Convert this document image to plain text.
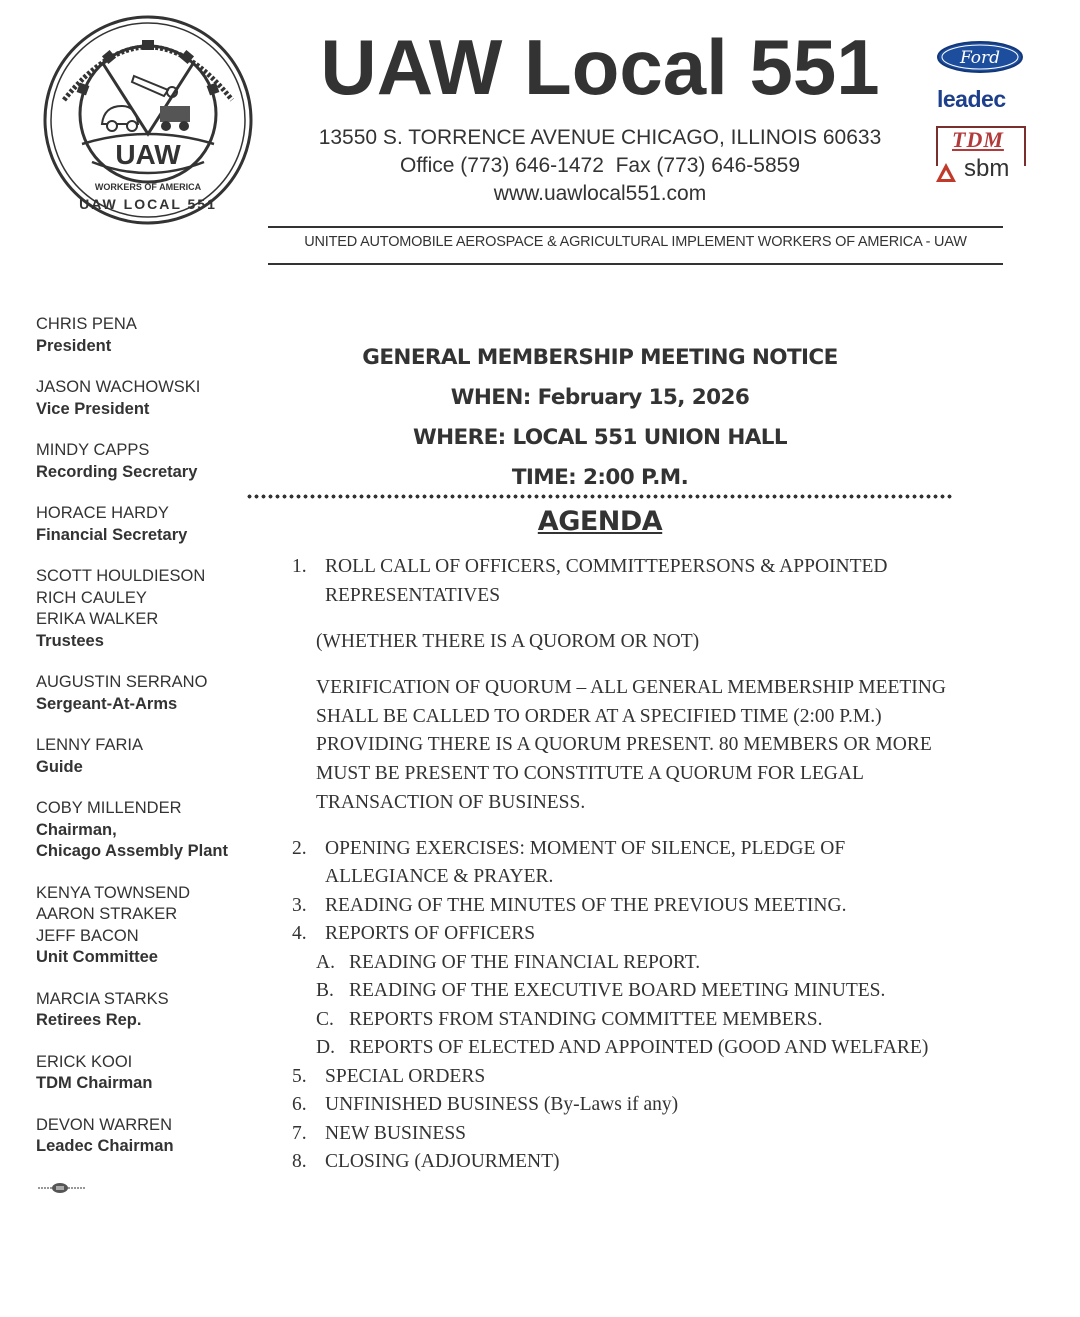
UAW
WORKERS OF AMERICA
UAW LOCAL 551
UAW Local 551
13550 S. TORRENCE AVENUE CHICAGO, ILLINOIS 60633
Office (773) 646-1472  Fax (773) 646-5859
www.uawlocal551.com
UNITED AUTOMOBILE AEROSPACE & AGRICULTURAL IMPLEMENT WORKERS OF AMERICA - UAW
Ford
leadec
TDM
sbm
CHRIS PENA
President
JASON WACHOWSKI
Vice President
MINDY CAPPS
Recording Secretary
HORACE HARDY
Financial Secretary
SCOTT HOULDIESON
RICH CAULEY
ERIKA WALKER
Trustees
AUGUSTIN SERRANO
Sergeant-At-Arms
LENNY FARIA
Guide
COBY MILLENDER
Chairman,
Chicago Assembly Plant
KENYA TOWNSEND
AARON STRAKER
JEFF BACON
Unit Committee
MARCIA STARKS
Retirees Rep.
ERICK KOOI
TDM Chairman
DEVON WARREN
Leadec Chairman
GENERAL MEMBERSHIP MEETING NOTICE
WHEN: February 15, 2026
WHERE: LOCAL 551 UNION HALL
TIME: 2:00 P.M.
AGENDA
1. ROLL CALL OF OFFICERS, COMMITTEPERSONS & APPOINTED
REPRESENTATIVES
(WHETHER THERE IS A QUOROM OR NOT)
VERIFICATION OF QUORUM – ALL GENERAL MEMBERSHIP MEETING
SHALL BE CALLED TO ORDER AT A SPECIFIED TIME (2:00 P.M.)
PROVIDING THERE IS A QUORUM PRESENT. 80 MEMBERS OR MORE
MUST BE PRESENT TO CONSTITUTE A QUORUM FOR LEGAL
TRANSACTION OF BUSINESS.
2. OPENING EXERCISES: MOMENT OF SILENCE, PLEDGE OF
ALLEGIANCE & PRAYER.
3. READING OF THE MINUTES OF THE PREVIOUS MEETING.
4. REPORTS OF OFFICERS
A. READING OF THE FINANCIAL REPORT.
B. READING OF THE EXECUTIVE BOARD MEETING MINUTES.
C. REPORTS FROM STANDING COMMITTEE MEMBERS.
D. REPORTS OF ELECTED AND APPOINTED (GOOD AND WELFARE)
5. SPECIAL ORDERS
6. UNFINISHED BUSINESS (By-Laws if any)
7. NEW BUSINESS
8. CLOSING (ADJOURMENT)
